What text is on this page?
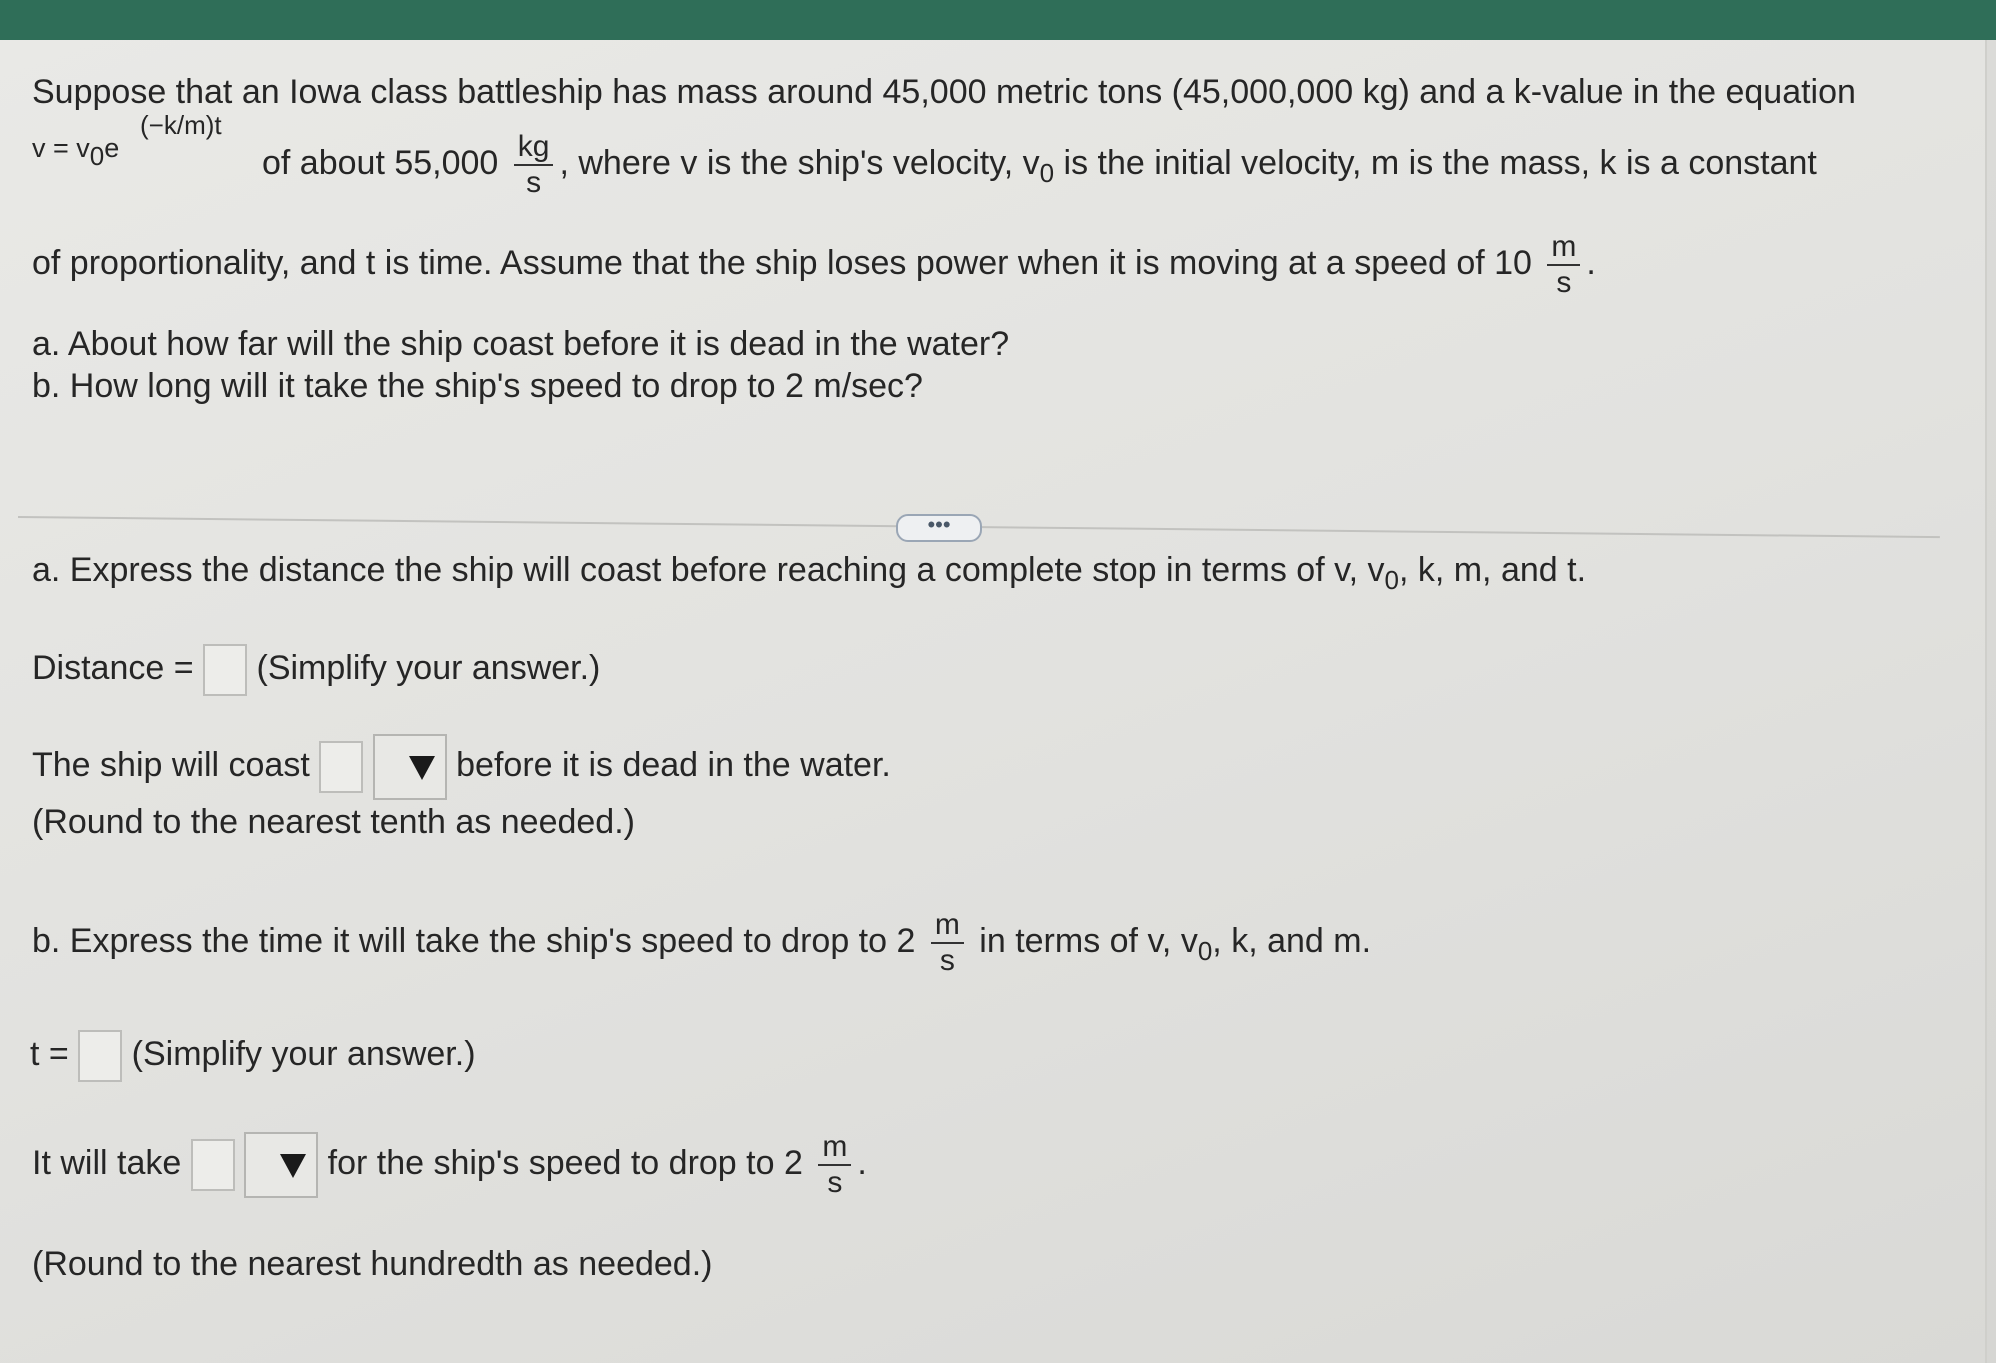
Suppose that an Iowa class battleship has mass around 45,000 metric tons (45,000,000 kg) and a k-value in the equation
$v = v_0e$
(−k/m)t
of about $55,000 \frac{kg}{s}$ , where v is the ship's velocity, $v_0$ is the initial velocity, m is the mass, k is a constant
of proportionality, and t is time. Assume that the ship loses power when it is moving at a speed of $10 \frac{m}{s}$ .
a. About how far will the ship coast before it is dead in the water?
b. How long will it take the ship's speed to drop to 2 m/sec?
•••
a. Express the distance the ship will coast before reaching a complete stop in terms of v, $v_0$, k, m, and t.
Distance = (Simplify your answer.)
The ship will coast	before it is dead in the water.
(Round to the nearest tenth as needed.)
b. Express the time it will take the ship's speed to drop to $2 \frac{m}{s}$ in terms of v, $v_0$, k, and m.
t = (Simplify your answer.)
It will take	for the ship's speed to drop to $2 \frac{m}{s}$ .
(Round to the nearest hundredth as needed.)
